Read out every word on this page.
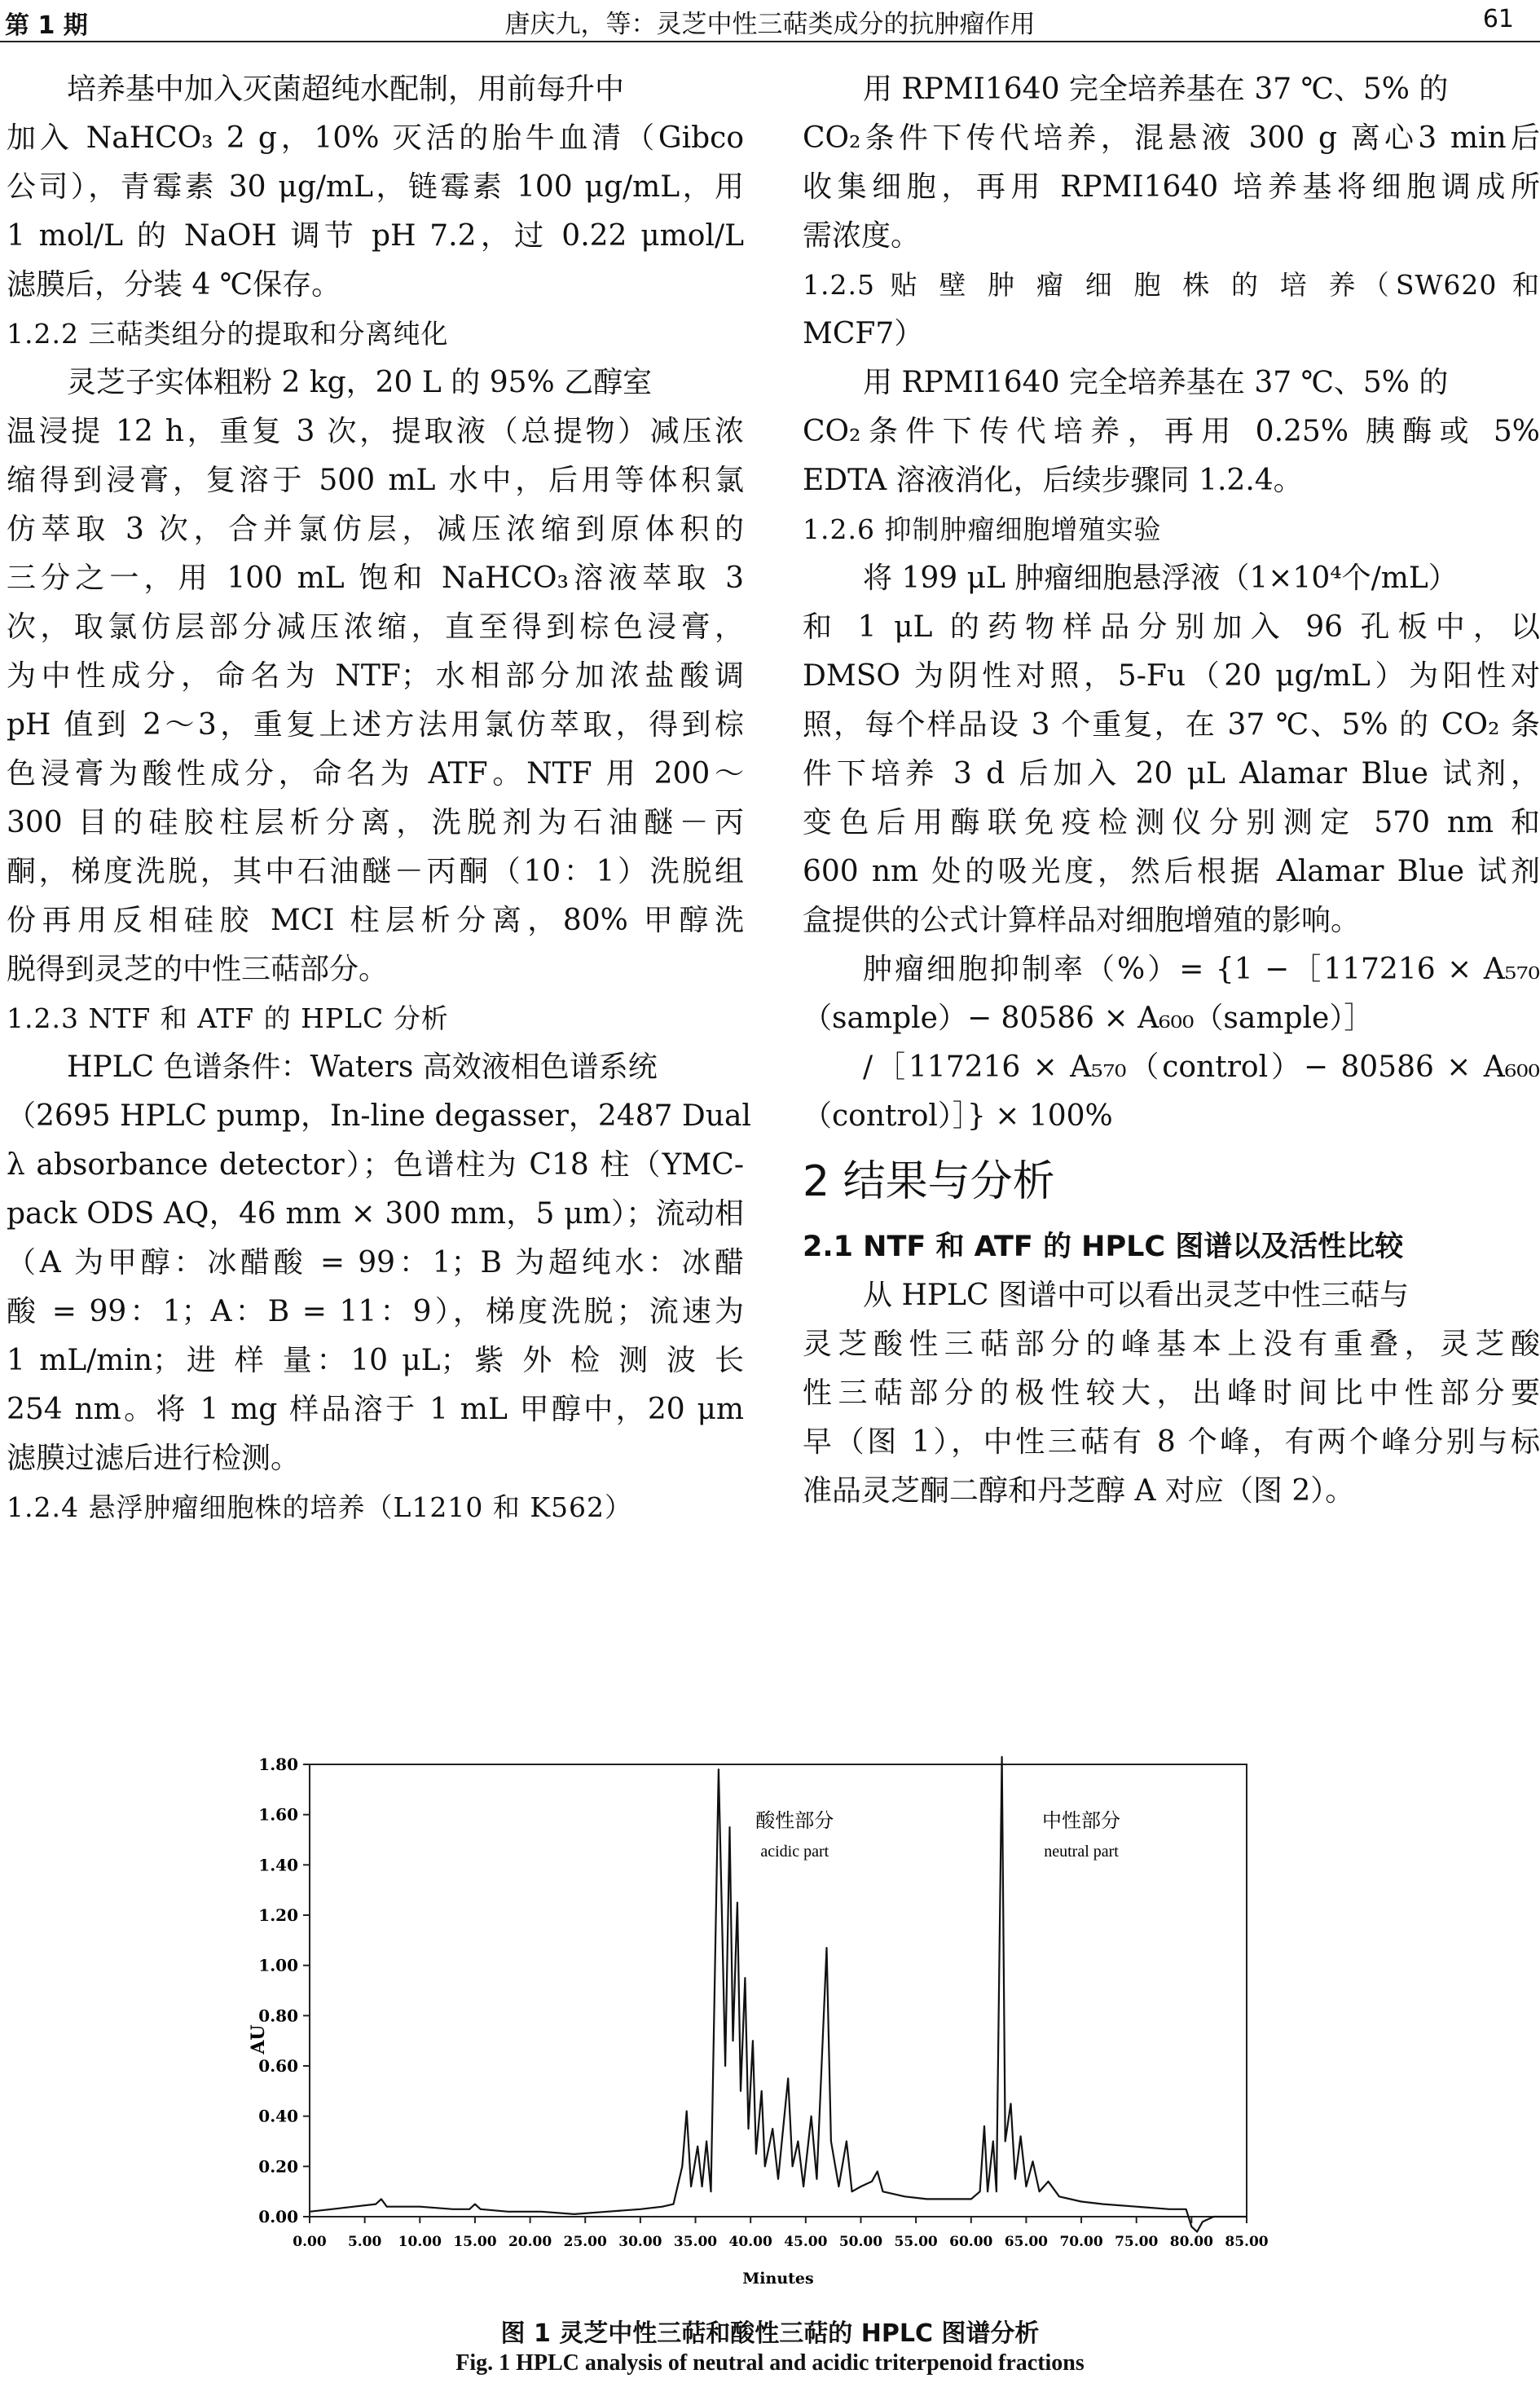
第 1 期	唐庆九，等：灵芝中性三萜类成分的抗肿瘤作用	61
培养基中加入灭菌超纯水配制，用前每升中
加入 NaHCO₃ 2 g，10% 灭活的胎牛血清（Gibco
公司），青霉素 30 μg/mL，链霉素 100 μg/mL，用
1 mol/L 的 NaOH 调节 pH 7.2，过 0.22 μmol/L
滤膜后，分装 4 ℃保存。
1.2.2 三萜类组分的提取和分离纯化
灵芝子实体粗粉 2 kg，20 L 的 95% 乙醇室
温浸提 12 h，重复 3 次，提取液（总提物）减压浓
缩得到浸膏，复溶于 500 mL 水中，后用等体积氯
仿萃取 3 次，合并氯仿层，减压浓缩到原体积的
三分之一，用 100 mL 饱和 NaHCO₃溶液萃取 3
次，取氯仿层部分减压浓缩，直至得到棕色浸膏，
为中性成分，命名为 NTF；水相部分加浓盐酸调
pH 值到 2～3，重复上述方法用氯仿萃取，得到棕
色浸膏为酸性成分，命名为 ATF。NTF 用 200～
300 目的硅胶柱层析分离，洗脱剂为石油醚－丙
酮，梯度洗脱，其中石油醚－丙酮（10：1）洗脱组
份再用反相硅胶 MCI 柱层析分离，80% 甲醇洗
脱得到灵芝的中性三萜部分。
1.2.3 NTF 和 ATF 的 HPLC 分析
HPLC 色谱条件：Waters 高效液相色谱系统
（2695 HPLC pump，In-line degasser，2487 Dual
λ absorbance detector）；色谱柱为 C18 柱（YMC-
pack ODS AQ，46 mm × 300 mm，5 μm）；流动相
（A 为甲醇：冰醋酸 = 99：1；B 为超纯水：冰醋
酸 = 99：1；A：B = 11：9），梯度洗脱；流速为
1 mL/min；进 样 量：10 μL；紫 外 检 测 波 长
254 nm。将 1 mg 样品溶于 1 mL 甲醇中，20 μm
滤膜过滤后进行检测。
1.2.4 悬浮肿瘤细胞株的培养（L1210 和 K562）
用 RPMI1640 完全培养基在 37 ℃、5% 的
CO₂条件下传代培养，混悬液 300 g 离心3 min后
收集细胞，再用 RPMI1640 培养基将细胞调成所
需浓度。
1.2.5 贴 壁 肿 瘤 细 胞 株 的 培 养（SW620 和
MCF7）
用 RPMI1640 完全培养基在 37 ℃、5% 的
CO₂条件下传代培养，再用 0.25% 胰酶或 5%
EDTA 溶液消化，后续步骤同 1.2.4。
1.2.6 抑制肿瘤细胞增殖实验
将 199 μL 肿瘤细胞悬浮液（1×10⁴个/mL）
和 1 μL 的药物样品分别加入 96 孔板中，以
DMSO 为阴性对照，5-Fu（20 μg/mL）为阳性对
照，每个样品设 3 个重复，在 37 ℃、5% 的 CO₂ 条
件下培养 3 d 后加入 20 μL Alamar Blue 试剂，
变色后用酶联免疫检测仪分别测定 570 nm 和
600 nm 处的吸光度，然后根据 Alamar Blue 试剂
盒提供的公式计算样品对细胞增殖的影响。
肿瘤细胞抑制率（%）= {1 −［117216 × A₅₇₀
（sample）− 80586 × A₆₀₀（sample）］
/［117216 × A₅₇₀（control）− 80586 × A₆₀₀
（control）］} × 100%
2 结果与分析
2.1 NTF 和 ATF 的 HPLC 图谱以及活性比较
从 HPLC 图谱中可以看出灵芝中性三萜与
灵芝酸性三萜部分的峰基本上没有重叠，灵芝酸
性三萜部分的极性较大，出峰时间比中性部分要
早（图 1），中性三萜有 8 个峰，有两个峰分别与标
准品灵芝酮二醇和丹芝醇 A 对应（图 2）。
0.00
0.20
0.40
0.60
0.80
1.00
1.20
1.40
1.60
1.80
0.00 5.00 10.00 15.00 20.00 25.00 30.00 35.00 40.00 45.00 50.00 55.00 60.00 65.00 70.00 75.00 80.00 85.00
Minutes
AU
酸性部分
acidic part
中性部分
neutral part
图 1 灵芝中性三萜和酸性三萜的 HPLC 图谱分析
Fig. 1 HPLC analysis of neutral and acidic triterpenoid fractions
